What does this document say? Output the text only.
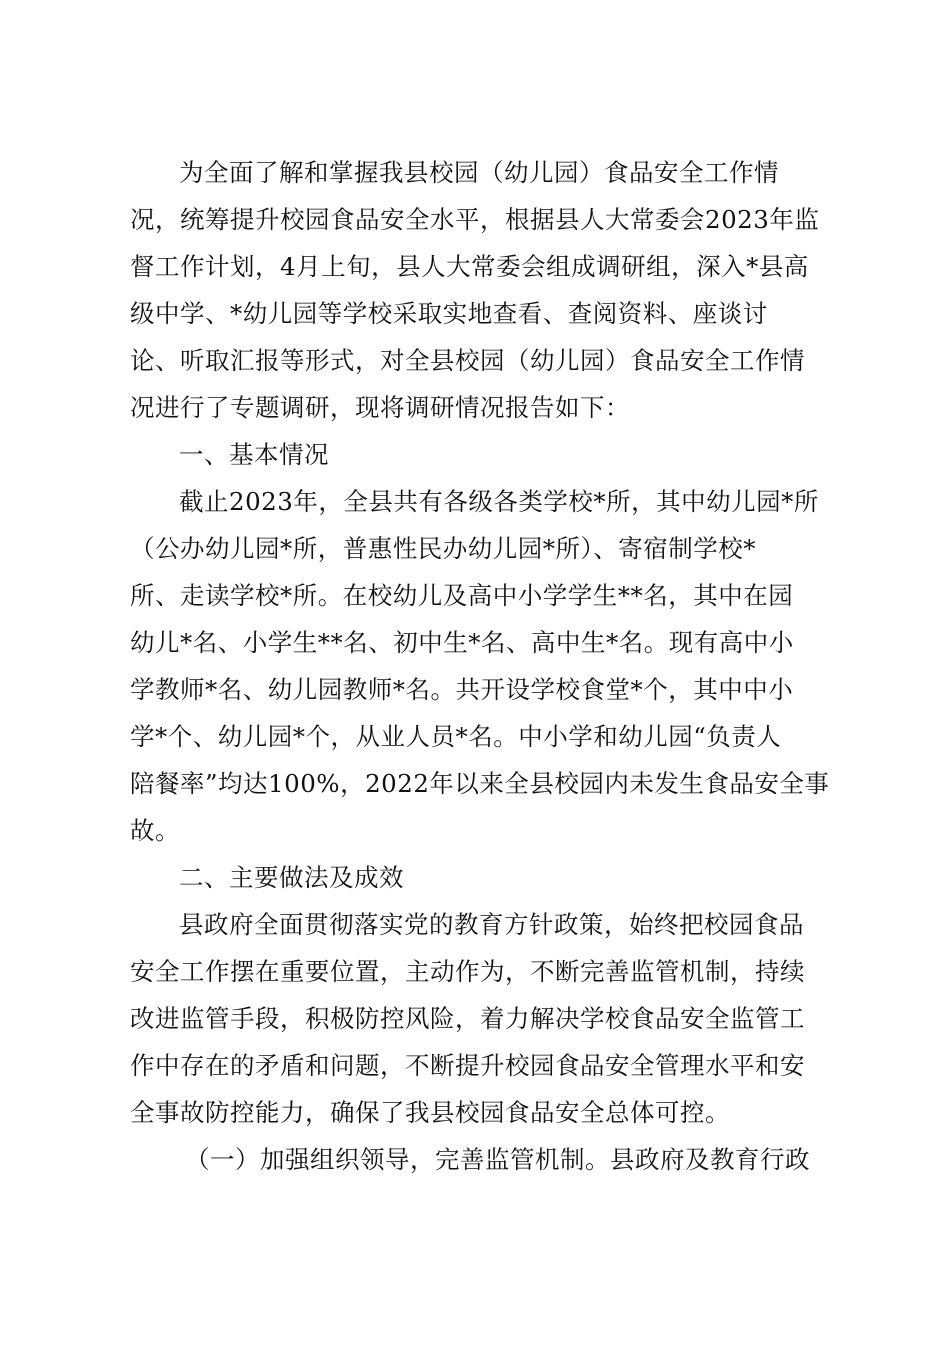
为全面了解和掌握我县校园（幼儿园）食品安全工作情

况，统筹提升校园食品安全水平，根据县人大常委会2023年监

督工作计划，4月上旬，县人大常委会组成调研组，深入*县高

级中学、*幼儿园等学校采取实地查看、查阅资料、座谈讨

论、听取汇报等形式，对全县校园（幼儿园）食品安全工作情

况进行了专题调研，现将调研情况报告如下：

一、基本情况

截止2023年，全县共有各级各类学校*所，其中幼儿园*所

（公办幼儿园*所，普惠性民办幼儿园*所）、寄宿制学校*

所、走读学校*所。在校幼儿及高中小学学生**名，其中在园

幼儿*名、小学生**名、初中生*名、高中生*名。现有高中小

学教师*名、幼儿园教师*名。共开设学校食堂*个，其中中小

学*个、幼儿园*个，从业人员*名。中小学和幼儿园“负责人

陪餐率”均达100%，2022年以来全县校园内未发生食品安全事

故。

二、主要做法及成效

县政府全面贯彻落实党的教育方针政策，始终把校园食品

安全工作摆在重要位置，主动作为，不断完善监管机制，持续

改进监管手段，积极防控风险，着力解决学校食品安全监管工

作中存在的矛盾和问题，不断提升校园食品安全管理水平和安

全事故防控能力，确保了我县校园食品安全总体可控。

（一）加强组织领导，完善监管机制。县政府及教育行政
